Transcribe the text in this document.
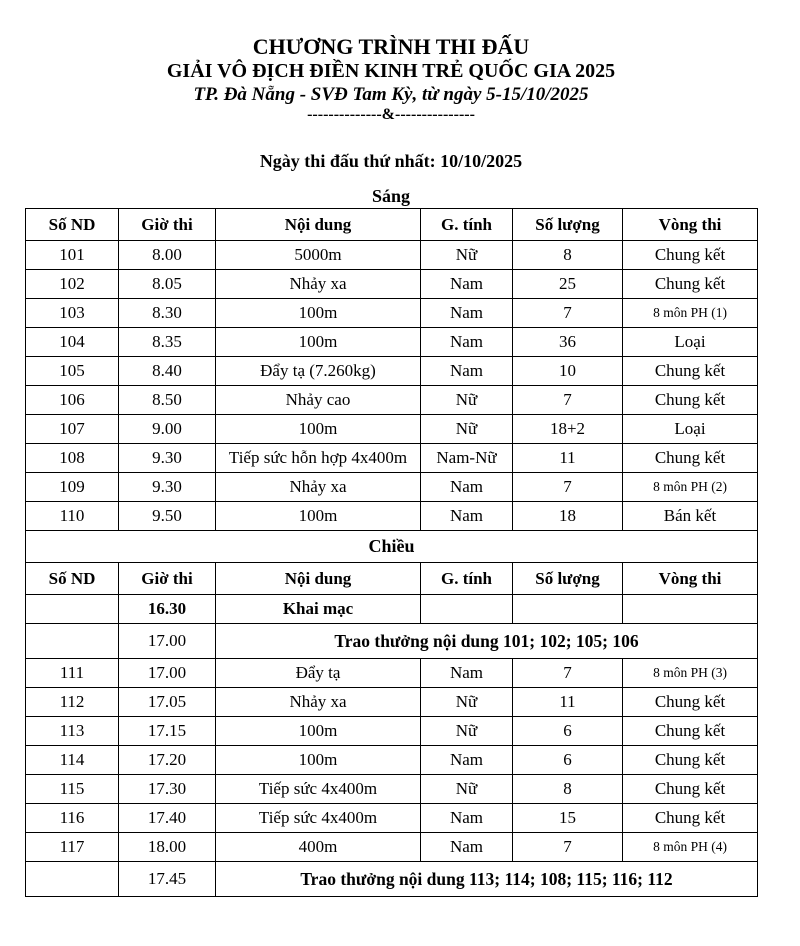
CHƯƠNG TRÌNH THI ĐẤU
GIẢI VÔ ĐỊCH ĐIỀN KINH TRẺ QUỐC GIA 2025
TP. Đà Nẵng - SVĐ Tam Kỳ, từ ngày 5-15/10/2025
--------------&---------------
Ngày thi đấu thứ nhất: 10/10/2025
Sáng
Số ND	Giờ thi	Nội dung	G. tính	Số lượng	Vòng thi
101	8.00	5000m	Nữ	8	Chung kết
102	8.05	Nhảy xa	Nam	25	Chung kết
103	8.30	100m	Nam	7	8 môn PH (1)
104	8.35	100m	Nam	36	Loại
105	8.40	Đẩy tạ (7.260kg)	Nam	10	Chung kết
106	8.50	Nhảy cao	Nữ	7	Chung kết
107	9.00	100m	Nữ	18+2	Loại
108	9.30	Tiếp sức hỗn hợp 4x400m	Nam-Nữ	11	Chung kết
109	9.30	Nhảy xa	Nam	7	8 môn PH (2)
110	9.50	100m	Nam	18	Bán kết
Chiều					
Số ND	Giờ thi	Nội dung	G. tính	Số lượng	Vòng thi
	16.30	Khai mạc			
	17.00	Trao thưởng nội dung 101; 102; 105; 106			
111	17.00	Đẩy tạ	Nam	7	8 môn PH (3)
112	17.05	Nhảy xa	Nữ	11	Chung kết
113	17.15	100m	Nữ	6	Chung kết
114	17.20	100m	Nam	6	Chung kết
115	17.30	Tiếp sức 4x400m	Nữ	8	Chung kết
116	17.40	Tiếp sức 4x400m	Nam	15	Chung kết
117	18.00	400m	Nam	7	8 môn PH (4)
	17.45	Trao thưởng nội dung 113; 114; 108; 115; 116; 112			
